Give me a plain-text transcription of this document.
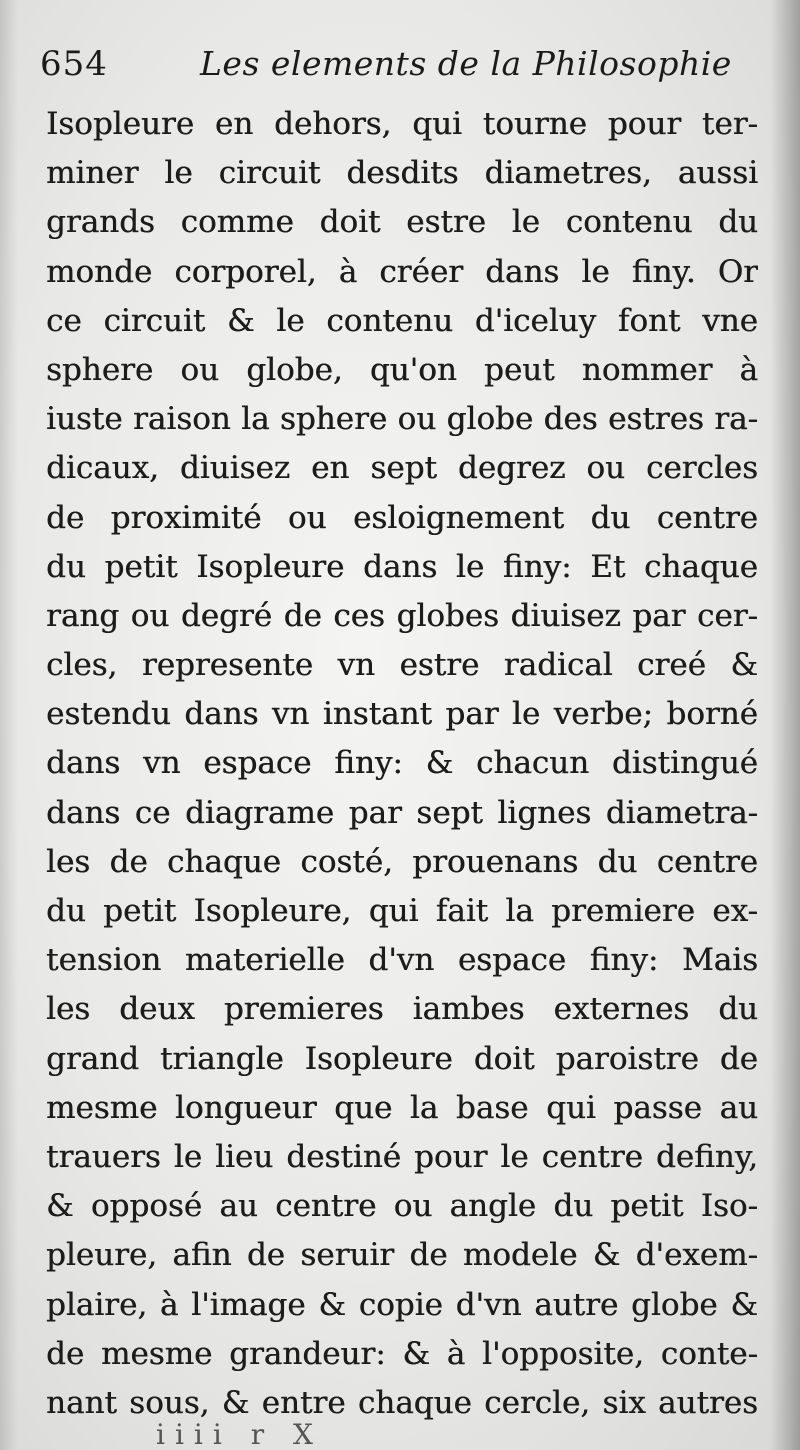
654	Les elements de la Philosophie
Isopleure en dehors, qui tourne pour ter-
miner le circuit desdits diametres, aussi
grands comme doit estre le contenu du
monde corporel, à créer dans le finy. Or
ce circuit & le contenu d'iceluy font vne
sphere ou globe, qu'on peut nommer à
iuste raison la sphere ou globe des estres ra-
dicaux, diuisez en sept degrez ou cercles
de proximité ou esloignement du centre
du petit Isopleure dans le finy: Et chaque
rang ou degré de ces globes diuisez par cer-
cles, represente vn estre radical creé &
estendu dans vn instant par le verbe; borné
dans vn espace finy: & chacun distingué
dans ce diagrame par sept lignes diametra-
les de chaque costé, prouenans du centre
du petit Isopleure, qui fait la premiere ex-
tension materielle d'vn espace finy: Mais
les deux premieres iambes externes du
grand triangle Isopleure doit paroistre de
mesme longueur que la base qui passe au
trauers le lieu destiné pour le centre definy,
& opposé au centre ou angle du petit Iso-
pleure, afin de seruir de modele & d'exem-
plaire, à l'image & copie d'vn autre globe &
de mesme grandeur: & à l'opposite, conte-
nant sous, & entre chaque cercle, six autres
iiii r X
